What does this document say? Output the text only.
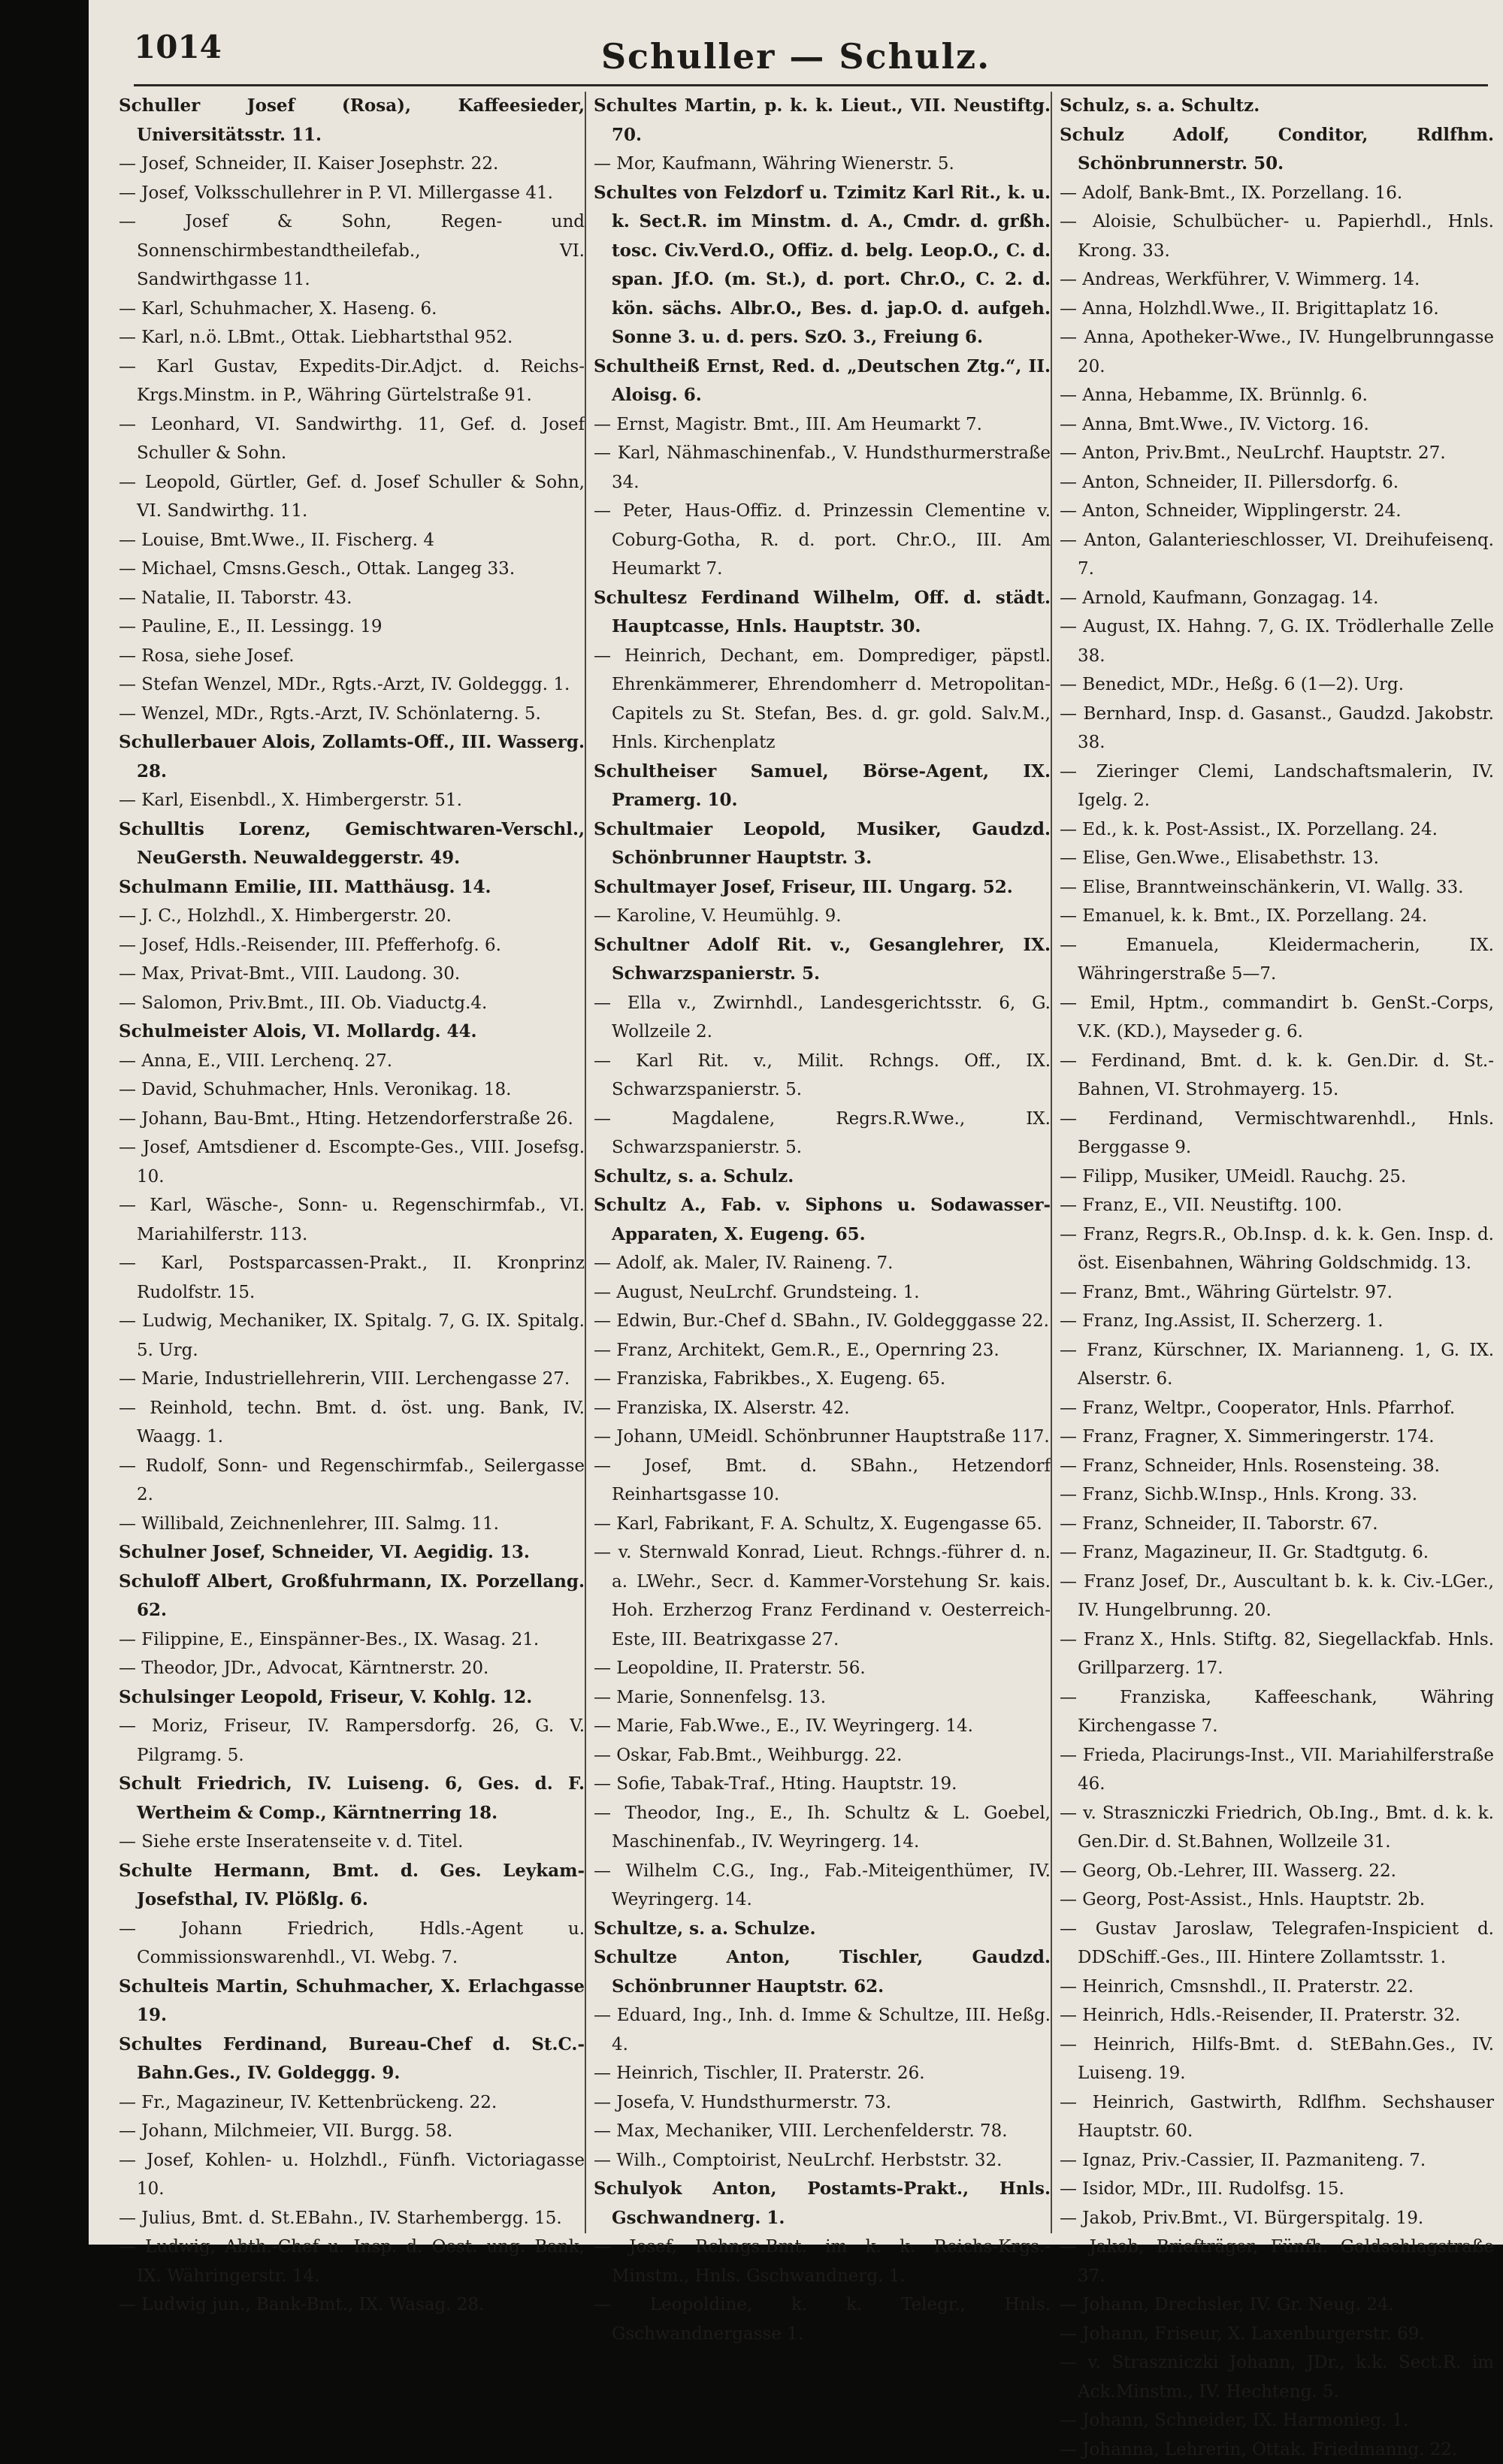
1014	Schuller — Schulz.

Schuller Josef (Rosa), Kaffeesieder, Universitätsstr. 11.

— Josef, Schneider, II. Kaiser Josephstr. 22.

— Josef, Volksschullehrer in P. VI. Millergasse 41.

— Josef & Sohn, Regen- und Sonnenschirmbestandtheilefab., VI. Sandwirthgasse 11.

— Karl, Schuhmacher, X. Haseng. 6.

— Karl, n.ö. LBmt., Ottak. Liebhartsthal 952.

— Karl Gustav, Expedits-Dir.Adjct. d. Reichs-Krgs.Minstm. in P., Währing Gürtelstraße 91.

— Leonhard, VI. Sandwirthg. 11, Gef. d. Josef Schuller & Sohn.

— Leopold, Gürtler, Gef. d. Josef Schuller & Sohn, VI. Sandwirthg. 11.

— Louise, Bmt.Wwe., II. Fischerg. 4

— Michael, Cmsns.Gesch., Ottak. Langeg 33.

— Natalie, II. Taborstr. 43.

— Pauline, E., II. Lessingg. 19

— Rosa, siehe Josef.

— Stefan Wenzel, MDr., Rgts.-Arzt, IV. Goldeggg. 1.

— Wenzel, MDr., Rgts.-Arzt, IV. Schönlaterng. 5.

Schullerbauer Alois, Zollamts-Off., III. Wasserg. 28.

— Karl, Eisenbdl., X. Himbergerstr. 51.

Schulltis Lorenz, Gemischtwaren-Verschl., NeuGersth. Neuwaldeggerstr. 49.

Schulmann Emilie, III. Matthäusg. 14.

— J. C., Holzhdl., X. Himbergerstr. 20.

— Josef, Hdls.-Reisender, III. Pfefferhofg. 6.

— Max, Privat-Bmt., VIII. Laudong. 30.

— Salomon, Priv.Bmt., III. Ob. Viaductg.4.

Schulmeister Alois, VI. Mollardg. 44.

— Anna, E., VIII. Lerchenq. 27.

— David, Schuhmacher, Hnls. Veronikag. 18.

— Johann, Bau-Bmt., Hting. Hetzendorferstraße 26.

— Josef, Amtsdiener d. Escompte-Ges., VIII. Josefsg. 10.

— Karl, Wäsche-, Sonn- u. Regenschirmfab., VI. Mariahilferstr. 113.

— Karl, Postsparcassen-Prakt., II. Kronprinz Rudolfstr. 15.

— Ludwig, Mechaniker, IX. Spitalg. 7, G. IX. Spitalg. 5. Urg.

— Marie, Industriellehrerin, VIII. Lerchengasse 27.

— Reinhold, techn. Bmt. d. öst. ung. Bank, IV. Waagg. 1.

— Rudolf, Sonn- und Regenschirmfab., Seilergasse 2.

— Willibald, Zeichnenlehrer, III. Salmg. 11.

Schulner Josef, Schneider, VI. Aegidig. 13.

Schuloff Albert, Großfuhrmann, IX. Porzellang. 62.

— Filippine, E., Einspänner-Bes., IX. Wasag. 21.

— Theodor, JDr., Advocat, Kärntnerstr. 20.

Schulsinger Leopold, Friseur, V. Kohlg. 12.

— Moriz, Friseur, IV. Rampersdorfg. 26, G. V. Pilgramg. 5.

Schult Friedrich, IV. Luiseng. 6, Ges. d. F. Wertheim & Comp., Kärntnerring 18.

— Siehe erste Inseratenseite v. d. Titel.

Schulte Hermann, Bmt. d. Ges. Leykam-Josefsthal, IV. Plößlg. 6.

— Johann Friedrich, Hdls.-Agent u. Commissionswarenhdl., VI. Webg. 7.

Schulteis Martin, Schuhmacher, X. Erlachgasse 19.

Schultes Ferdinand, Bureau-Chef d. St.C.-Bahn.Ges., IV. Goldeggg. 9.

— Fr., Magazineur, IV. Kettenbrückeng. 22.

— Johann, Milchmeier, VII. Burgg. 58.

— Josef, Kohlen- u. Holzhdl., Fünfh. Victoriagasse 10.

— Julius, Bmt. d. St.EBahn., IV. Starhembergg. 15.

— Ludwig, Abth.-Chef u. Insp. d. Oest. ung. Bank, IX. Währingerstr. 14.

— Ludwig jun., Bank-Bmt., IX. Wasag. 28.

Schultes Martin, p. k. k. Lieut., VII. Neustiftg. 70.

— Mor, Kaufmann, Währing Wienerstr. 5.

Schultes von Felzdorf u. Tzimitz Karl Rit., k. u. k. Sect.R. im Minstm. d. A., Cmdr. d. grßh. tosc. Civ.Verd.O., Offiz. d. belg. Leop.O., C. d. span. Jf.O. (m. St.), d. port. Chr.O., C. 2. d. kön. sächs. Albr.O., Bes. d. jap.O. d. aufgeh. Sonne 3. u. d. pers. SzO. 3., Freiung 6.

Schultheiß Ernst, Red. d. „Deutschen Ztg.“, II. Aloisg. 6.

— Ernst, Magistr. Bmt., III. Am Heumarkt 7.

— Karl, Nähmaschinenfab., V. Hundsthurmerstraße 34.

— Peter, Haus-Offiz. d. Prinzessin Clementine v. Coburg-Gotha, R. d. port. Chr.O., III. Am Heumarkt 7.

Schultesz Ferdinand Wilhelm, Off. d. städt. Hauptcasse, Hnls. Hauptstr. 30.

— Heinrich, Dechant, em. Domprediger, päpstl. Ehrenkämmerer, Ehrendomherr d. Metropolitan-Capitels zu St. Stefan, Bes. d. gr. gold. Salv.M., Hnls. Kirchenplatz

Schultheiser Samuel, Börse-Agent, IX. Pramerg. 10.

Schultmaier Leopold, Musiker, Gaudzd. Schönbrunner Hauptstr. 3.

Schultmayer Josef, Friseur, III. Ungarg. 52.

— Karoline, V. Heumühlg. 9.

Schultner Adolf Rit. v., Gesanglehrer, IX. Schwarzspanierstr. 5.

— Ella v., Zwirnhdl., Landesgerichtsstr. 6, G. Wollzeile 2.

— Karl Rit. v., Milit. Rchngs. Off., IX. Schwarzspanierstr. 5.

— Magdalene, Regrs.R.Wwe., IX. Schwarzspanierstr. 5.

Schultz, s. a. Schulz.

Schultz A., Fab. v. Siphons u. Sodawasser-Apparaten, X. Eugeng. 65.

— Adolf, ak. Maler, IV. Raineng. 7.

— August, NeuLrchf. Grundsteing. 1.

— Edwin, Bur.-Chef d. SBahn., IV. Goldegggasse 22.

— Franz, Architekt, Gem.R., E., Opernring 23.

— Franziska, Fabrikbes., X. Eugeng. 65.

— Franziska, IX. Alserstr. 42.

— Johann, UMeidl. Schönbrunner Hauptstraße 117.

— Josef, Bmt. d. SBahn., Hetzendorf Reinhartsgasse 10.

— Karl, Fabrikant, F. A. Schultz, X. Eugengasse 65.

— v. Sternwald Konrad, Lieut. Rchngs.-führer d. n. a. LWehr., Secr. d. Kammer-Vorstehung Sr. kais. Hoh. Erzherzog Franz Ferdinand v. Oesterreich-Este, III. Beatrixgasse 27.

— Leopoldine, II. Praterstr. 56.

— Marie, Sonnenfelsg. 13.

— Marie, Fab.Wwe., E., IV. Weyringerg. 14.

— Oskar, Fab.Bmt., Weihburgg. 22.

— Sofie, Tabak-Traf., Hting. Hauptstr. 19.

— Theodor, Ing., E., Ih. Schultz & L. Goebel, Maschinenfab., IV. Weyringerg. 14.

— Wilhelm C.G., Ing., Fab.-Miteigenthümer, IV. Weyringerg. 14.

Schultze, s. a. Schulze.

Schultze Anton, Tischler, Gaudzd. Schönbrunner Hauptstr. 62.

— Eduard, Ing., Inh. d. Imme & Schultze, III. Heßg. 4.

— Heinrich, Tischler, II. Praterstr. 26.

— Josefa, V. Hundsthurmerstr. 73.

— Max, Mechaniker, VIII. Lerchenfelderstr. 78.

— Wilh., Comptoirist, NeuLrchf. Herbststr. 32.

Schulyok Anton, Postamts-Prakt., Hnls. Gschwandnerg. 1.

— Josef, Rchngs.Bmt. im k. k. Reichs-Krgs.-Minstm., Hnls. Gschwandnerg. 1.

— Leopoldine, k. k. Telegr., Hnls. Gschwandnergasse 1.

Schulz, s. a. Schultz.

Schulz Adolf, Conditor, Rdlfhm. Schönbrunnerstr. 50.

— Adolf, Bank-Bmt., IX. Porzellang. 16.

— Aloisie, Schulbücher- u. Papierhdl., Hnls. Krong. 33.

— Andreas, Werkführer, V. Wimmerg. 14.

— Anna, Holzhdl.Wwe., II. Brigittaplatz 16.

— Anna, Apotheker-Wwe., IV. Hungelbrunngasse 20.

— Anna, Hebamme, IX. Brünnlg. 6.

— Anna, Bmt.Wwe., IV. Victorg. 16.

— Anton, Priv.Bmt., NeuLrchf. Hauptstr. 27.

— Anton, Schneider, II. Pillersdorfg. 6.

— Anton, Schneider, Wipplingerstr. 24.

— Anton, Galanterieschlosser, VI. Dreihufeisenq. 7.

— Arnold, Kaufmann, Gonzagag. 14.

— August, IX. Hahng. 7, G. IX. Trödlerhalle Zelle 38.

— Benedict, MDr., Heßg. 6 (1—2). Urg.

— Bernhard, Insp. d. Gasanst., Gaudzd. Jakobstr. 38.

— Zieringer Clemi, Landschaftsmalerin, IV. Igelg. 2.

— Ed., k. k. Post-Assist., IX. Porzellang. 24.

— Elise, Gen.Wwe., Elisabethstr. 13.

— Elise, Branntweinschänkerin, VI. Wallg. 33.

— Emanuel, k. k. Bmt., IX. Porzellang. 24.

— Emanuela, Kleidermacherin, IX. Währingerstraße 5—7.

— Emil, Hptm., commandirt b. GenSt.-Corps, V.K. (KD.), Mayseder g. 6.

— Ferdinand, Bmt. d. k. k. Gen.Dir. d. St.-Bahnen, VI. Strohmayerg. 15.

— Ferdinand, Vermischtwarenhdl., Hnls. Berggassе 9.

— Filipp, Musiker, UMeidl. Rauchg. 25.

— Franz, E., VII. Neustiftg. 100.

— Franz, Regrs.R., Ob.Insp. d. k. k. Gen. Insp. d. öst. Eisenbahnen, Währing Goldschmidg. 13.

— Franz, Bmt., Währing Gürtelstr. 97.

— Franz, Ing.Assist, II. Scherzerg. 1.

— Franz, Kürschner, IX. Marianneng. 1, G. IX. Alserstr. 6.

— Franz, Weltpr., Cooperator, Hnls. Pfarrhof.

— Franz, Fragner, X. Simmeringerstr. 174.

— Franz, Schneider, Hnls. Rosensteing. 38.

— Franz, Sichb.W.Insp., Hnls. Krong. 33.

— Franz, Schneider, II. Taborstr. 67.

— Franz, Magazineur, II. Gr. Stadtgutg. 6.

— Franz Josef, Dr., Auscultant b. k. k. Civ.-LGer., IV. Hungelbrunng. 20.

— Franz X., Hnls. Stiftg. 82, Siegellackfab. Hnls. Grillparzerg. 17.

— Franziska, Kaffeeschank, Währing Kirchengasse 7.

— Frieda, Placirungs-Inst., VII. Mariahilferstraße 46.

— v. Straszniczki Friedrich, Ob.Ing., Bmt. d. k. k. Gen.Dir. d. St.Bahnen, Wollzeile 31.

— Georg, Ob.-Lehrer, III. Wasserg. 22.

— Georg, Post-Assist., Hnls. Hauptstr. 2b.

— Gustav Jaroslaw, Telegrafen-Inspicient d. DDSchiff.-Ges., III. Hintere Zollamtsstr. 1.

— Heinrich, Cmsnshdl., II. Praterstr. 22.

— Heinrich, Hdls.-Reisender, II. Praterstr. 32.

— Heinrich, Hilfs-Bmt. d. StEBahn.Ges., IV. Luiseng. 19.

— Heinrich, Gastwirth, Rdlfhm. Sechshauser Hauptstr. 60.

— Ignaz, Priv.-Cassier, II. Pazmaniteng. 7.

— Isidor, MDr., III. Rudolfsg. 15.

— Jakob, Priv.Bmt., VI. Bürgerspitalg. 19.

— Jakob, Briefträger, Fünfh. Goldschlagstraße 37.

— Johann, Drechsler, IV. Gr. Neug. 24.

— Johann, Friseur, X. Laxenburgerstr. 69.

— v. Straszniczki Johann, JDr., k.k. Sect.R. im Ack.Minstm., IV. Hechteng. 5.

— Johann, Schneider, IX. Harmonieg. 1.

— Johanna, Lehrerin, Ottak. Friedmanng. 22.
